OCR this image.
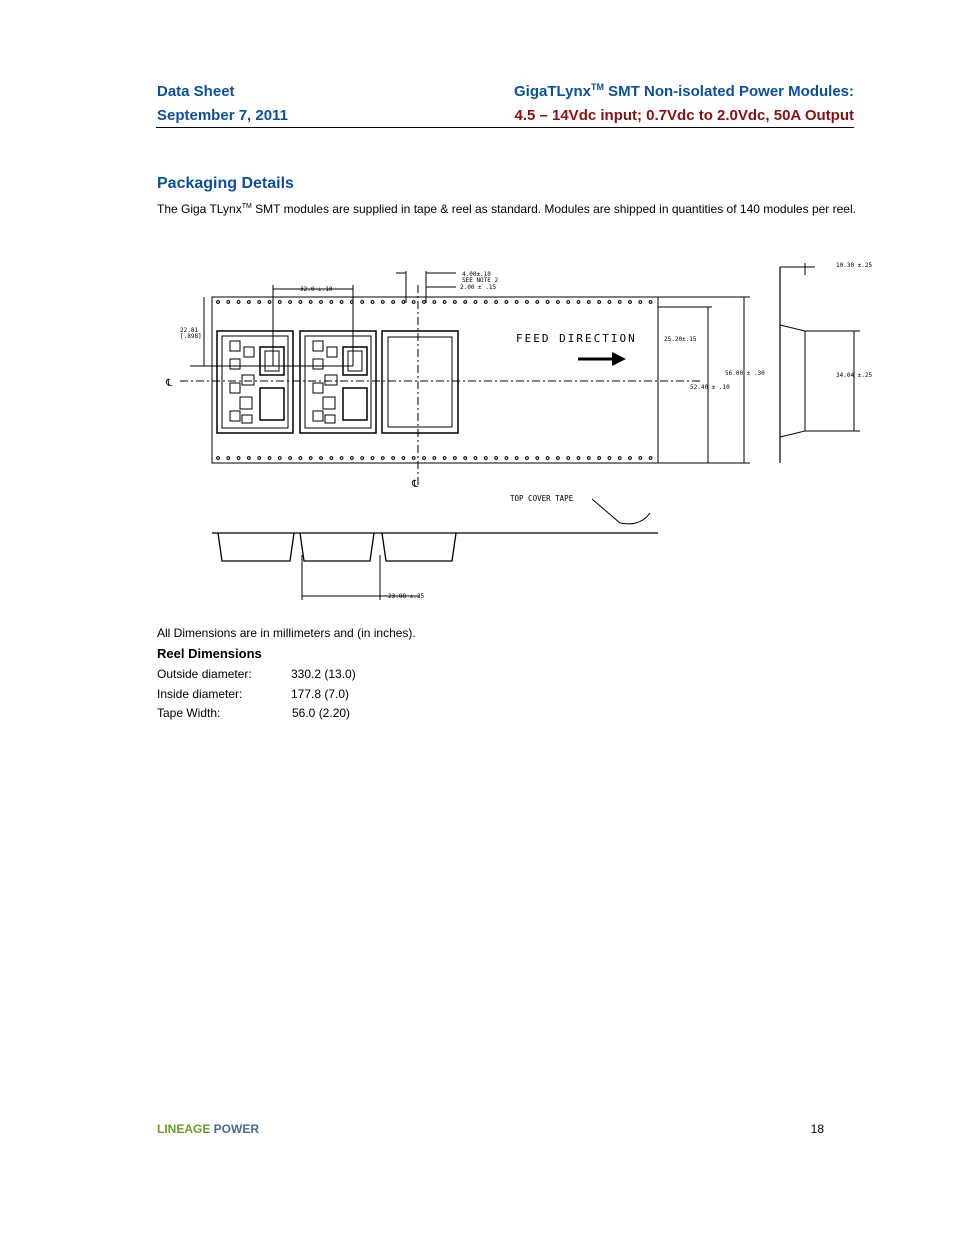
Data Sheet
September 7, 2011
GigaTLynx™ SMT Non-isolated Power Modules:
4.5 – 14Vdc input; 0.7Vdc to 2.0Vdc, 50A Output
Packaging Details
The Giga TLynx™ SMT modules are supplied in tape & reel as standard. Modules are shipped in quantities of 140 modules per reel.
32.0 ±.10
4.00±.10
SEE NOTE 2
2.00 ± .15
22.81
[.898]	25.20±.15
52.40 ± .10
56.00 ± .30
10.30 ±.25
34.04 ±.25
TOP COVER TAPE
23.88 ±.25
FEED DIRECTION
℄
℄
All Dimensions are in millimeters and (in inches).
Reel Dimensions
Outside diameter:	330.2 (13.0)
Inside diameter:	177.8 (7.0)
Tape Width:	56.0 (2.20)
LINEAGE POWER	18
